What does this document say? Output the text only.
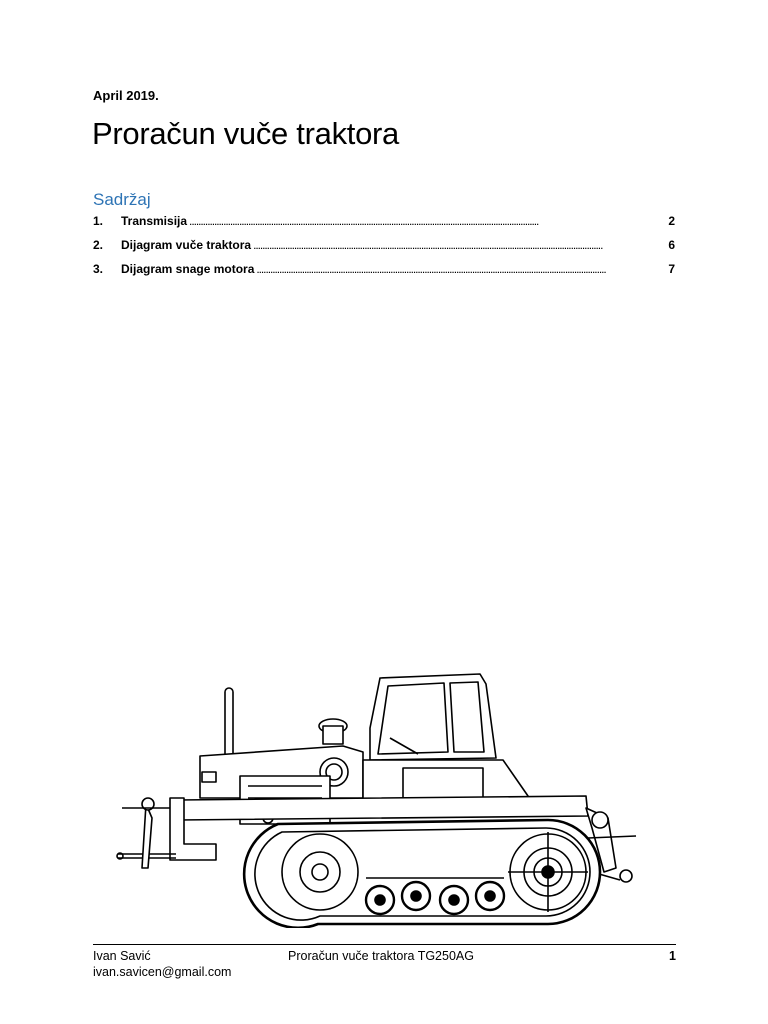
April 2019.
Proračun vuče traktora
Sadržaj
1.	Transmisija . . .	2
2.	Dijagram vuče traktora . . .	6
3.	Dijagram snage motora . . .	7
Ivan Savić
ivan.savicen@gmail.com
Proračun vuče traktora TG250AG	1
